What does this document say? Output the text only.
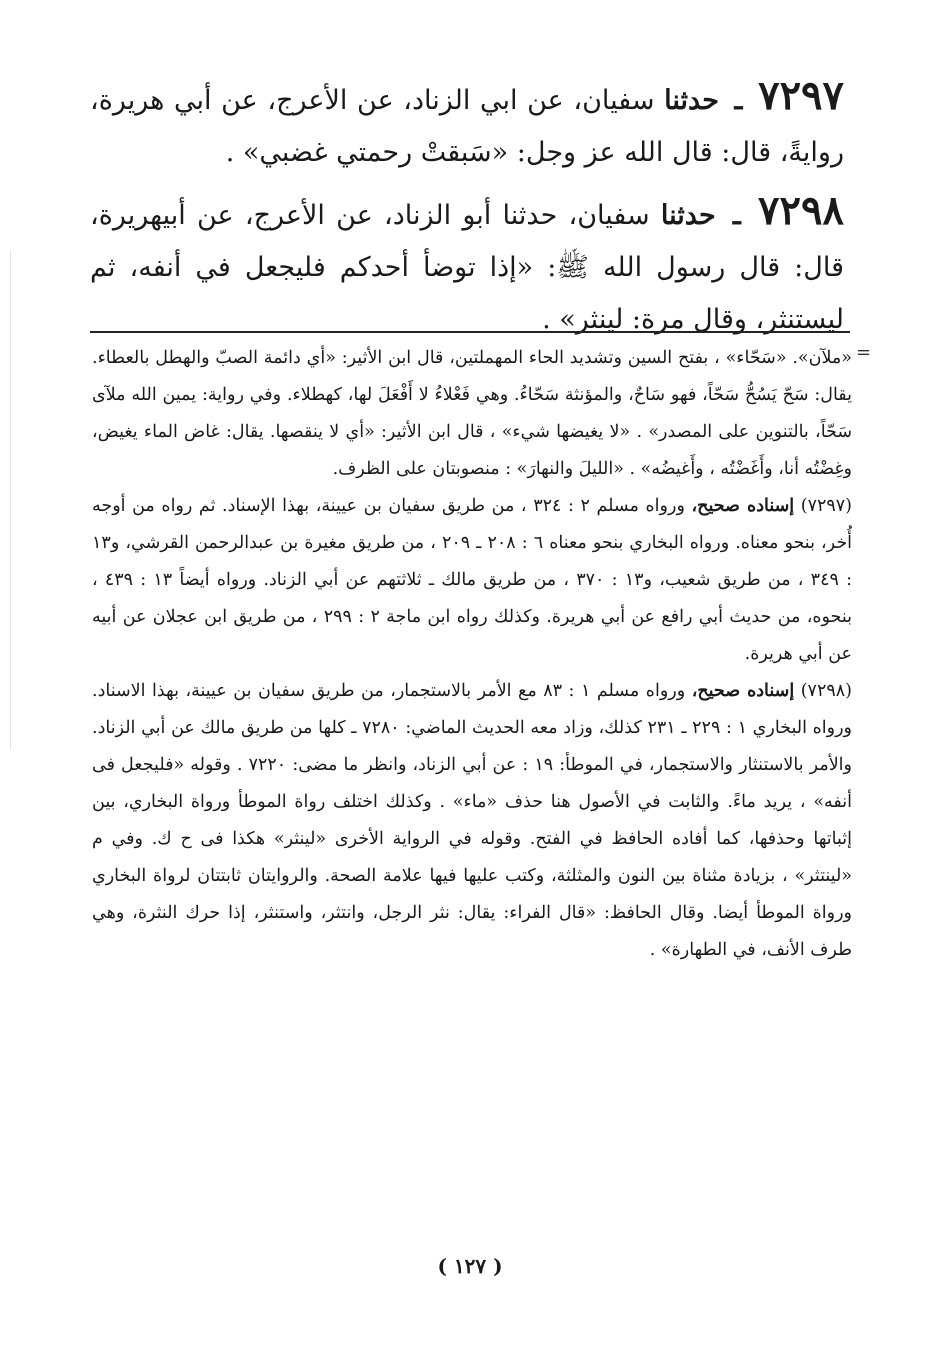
٧٢٩٧ ـ حدثنا سفيان، عن ابي الزناد، عن الأعرج، عن أبي هريرة، روايةً، قال: قال الله عز وجل: «سَبقتْ رحمتي غضبي» .

٧٢٩٨ ـ حدثنا سفيان، حدثنا أبو الزناد، عن الأعرج، عن أبيهريرة، قال: قال رسول الله ﷺ: «إذا توضأ أحدكم فليجعل في أنفه، ثم ليستنثر، وقال مرة: لينثر» .

=

«ملآن». «سَحّاء» ، بفتح السين وتشديد الحاء المهملتين، قال ابن الأثير: «أي دائمة الصبّ والهطل بالعطاء. يقال: سَحّ يَسُحُّ سَحّاً، فهو سَاحٌ، والمؤنثة سَحّاءُ. وهي فَعْلاءُ لا أَفْعَلَ لها، كهطلاء. وفي رواية: يمين الله ملآى سَحّاً، بالتنوين على المصدر» . «لا يغيضها شيء» ، قال ابن الأثير: «أي لا ينقصها. يقال: غاض الماء يغيض، وغِضْتُه أنا، وأَغَضْتُه ، وأَغيضُه» . «الليلَ والنهارَ» : منصوبتان على الظرف.

(٧٢٩٧) إسناده صحيح، ورواه مسلم ٢ : ٣٢٤ ، من طريق سفيان بن عيينة، بهذا الإسناد. ثم رواه من أوجه أُخر، بنحو معناه. ورواه البخاري بنحو معناه ٦ : ٢٠٨ ـ ٢٠٩ ، من طريق مغيرة بن عبدالرحمن القرشي، و١٣ : ٣٤٩ ، من طريق شعيب، و١٣ : ٣٧٠ ، من طريق مالك ـ ثلاثتهم عن أبي الزناد. ورواه أيضاً ١٣ : ٤٣٩ ، بنحوه، من حديث أبي رافع عن أبي هريرة. وكذلك رواه ابن ماجة ٢ : ٢٩٩ ، من طريق ابن عجلان عن أبيه عن أبي هريرة.

(٧٢٩٨) إسناده صحيح، ورواه مسلم ١ : ٨٣ مع الأمر بالاستجمار، من طريق سفيان بن عيينة، بهذا الاسناد. ورواه البخاري ١ : ٢٢٩ ـ ٢٣١ كذلك، وزاد معه الحديث الماضي: ٧٢٨٠ ـ كلها من طريق مالك عن أبي الزناد. والأمر بالاستنثار والاستجمار، في الموطأ: ١٩ : عن أبي الزناد، وانظر ما مضى: ٧٢٢٠ . وقوله «فليجعل فى أنفه» ، يريد ماءً. والثابت في الأصول هنا حذف «ماء» . وكذلك اختلف رواة الموطأ ورواة البخاري، بين إثباتها وحذفها، كما أفاده الحافظ في الفتح. وقوله في الرواية الأخرى «لينثر» هكذا فى ح ك. وفي م «لينتثر» ، بزيادة مثناة بين النون والمثلثة، وكتب عليها فيها علامة الصحة. والروايتان ثابتتان لرواة البخاري ورواة الموطأ أيضا. وقال الحافظ: «قال الفراء: يقال: نثر الرجل، وانتثر، واستنثر، إذا حرك النثرة، وهي طرف الأنف، في الطهارة» .

( ١٢٧ )
